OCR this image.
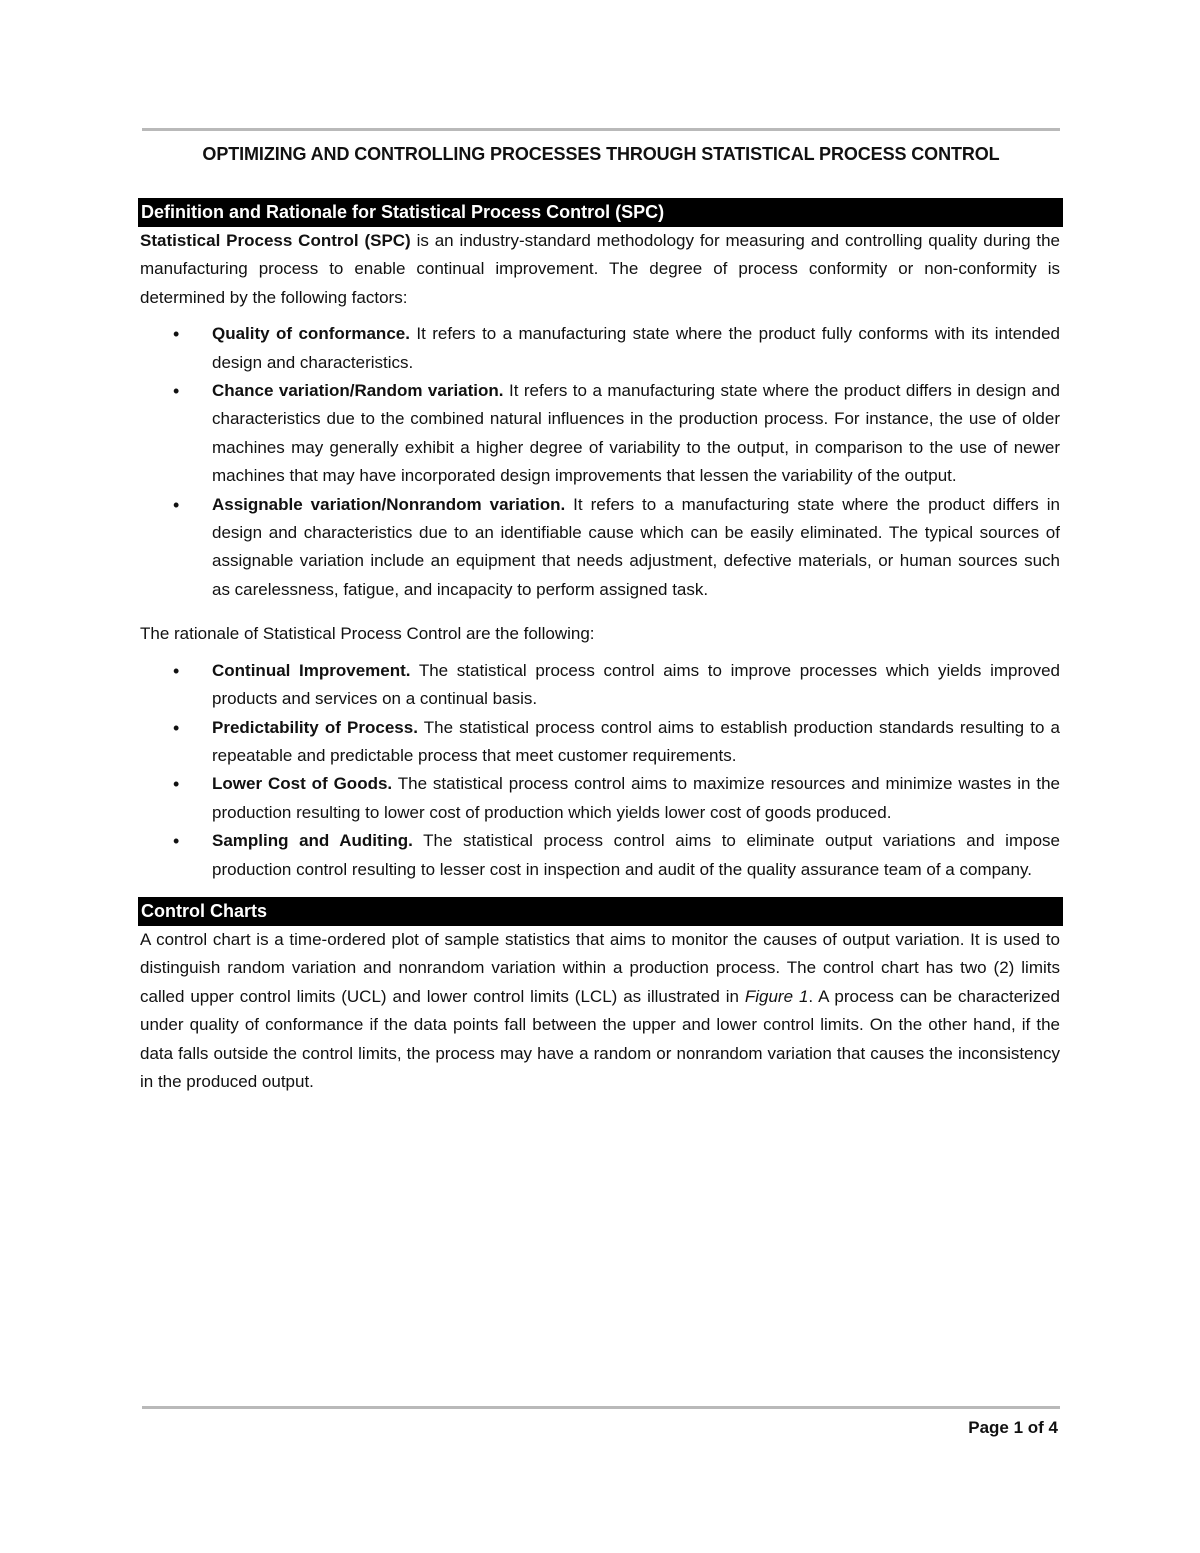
OPTIMIZING AND CONTROLLING PROCESSES THROUGH STATISTICAL PROCESS CONTROL
Definition and Rationale for Statistical Process Control (SPC)

Statistical Process Control (SPC) is an industry-standard methodology for measuring and controlling quality during the manufacturing process to enable continual improvement. The degree of process conformity or non-conformity is determined by the following factors:

• Quality of conformance. It refers to a manufacturing state where the product fully conforms with its intended design and characteristics.
• Chance variation/Random variation. It refers to a manufacturing state where the product differs in design and characteristics due to the combined natural influences in the production process. For instance, the use of older machines may generally exhibit a higher degree of variability to the output, in comparison to the use of newer machines that may have incorporated design improvements that lessen the variability of the output.
• Assignable variation/Nonrandom variation. It refers to a manufacturing state where the product differs in design and characteristics due to an identifiable cause which can be easily eliminated. The typical sources of assignable variation include an equipment that needs adjustment, defective materials, or human sources such as carelessness, fatigue, and incapacity to perform assigned task.

The rationale of Statistical Process Control are the following:

• Continual Improvement. The statistical process control aims to improve processes which yields improved products and services on a continual basis.
• Predictability of Process. The statistical process control aims to establish production standards resulting to a repeatable and predictable process that meet customer requirements.
• Lower Cost of Goods. The statistical process control aims to maximize resources and minimize wastes in the production resulting to lower cost of production which yields lower cost of goods produced.
• Sampling and Auditing. The statistical process control aims to eliminate output variations and impose production control resulting to lesser cost in inspection and audit of the quality assurance team of a company.
Control Charts

A control chart is a time-ordered plot of sample statistics that aims to monitor the causes of output variation. It is used to distinguish random variation and nonrandom variation within a production process. The control chart has two (2) limits called upper control limits (UCL) and lower control limits (LCL) as illustrated in Figure 1. A process can be characterized under quality of conformance if the data points fall between the upper and lower control limits. On the other hand, if the data falls outside the control limits, the process may have a random or nonrandom variation that causes the inconsistency in the produced output.

Page 1 of 4
